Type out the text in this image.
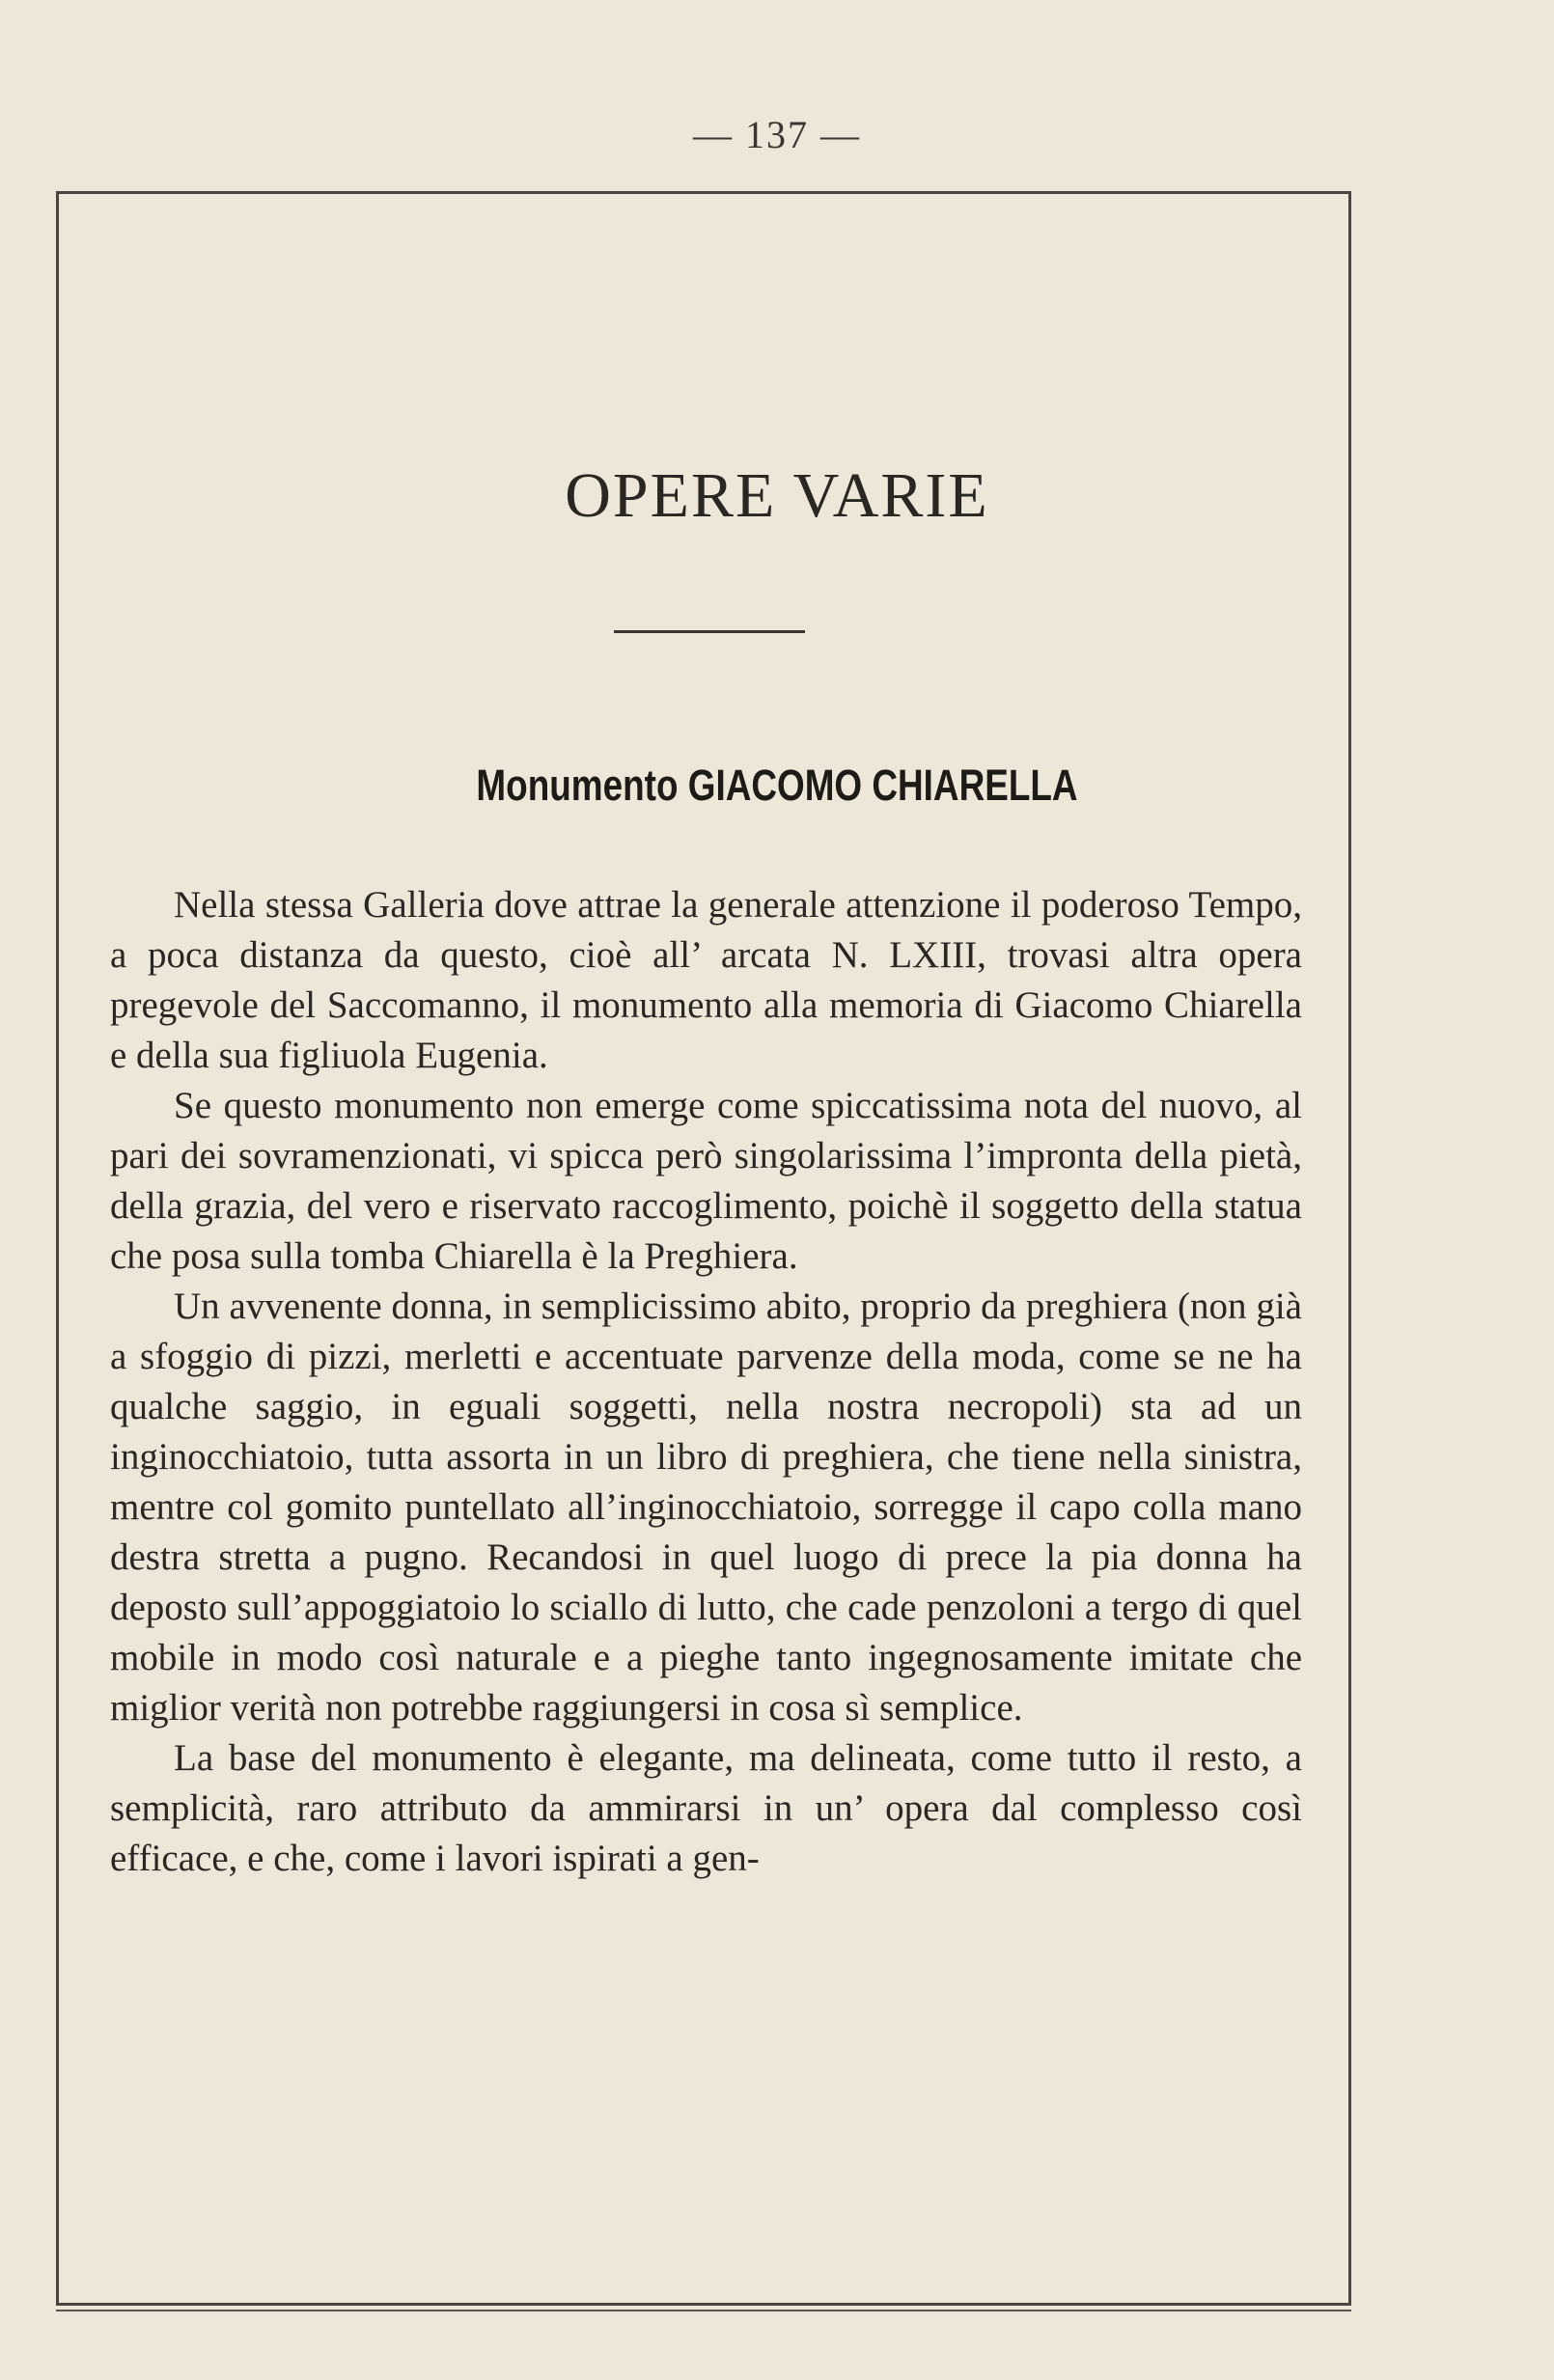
— 137 —
OPERE VARIE
Monumento GIACOMO CHIARELLA

Nella stessa Galleria dove attrae la generale attenzione il poderoso Tempo, a poca distanza da questo, cioè all’ arcata N. LXIII, trovasi altra opera pregevole del Saccomanno, il monumento alla memoria di Giacomo Chiarella e della sua figliuola Eugenia.

Se questo monumento non emerge come spiccatissima nota del nuovo, al pari dei sovramenzionati, vi spicca però singolarissima l’impronta della pietà, della grazia, del vero e riservato raccoglimento, poichè il soggetto della statua che posa sulla tomba Chiarella è la Preghiera.

Un avvenente donna, in semplicissimo abito, proprio da preghiera (non già a sfoggio di pizzi, merletti e accentuate parvenze della moda, come se ne ha qualche saggio, in eguali soggetti, nella nostra necropoli) sta ad un inginocchiatoio, tutta assorta in un libro di preghiera, che tiene nella sinistra, mentre col gomito puntellato all’inginocchiatoio, sorregge il capo colla mano destra stretta a pugno. Recandosi in quel luogo di prece la pia donna ha deposto sull’appoggiatoio lo sciallo di lutto, che cade penzoloni a tergo di quel mobile in modo così naturale e a pieghe tanto ingegnosamente imitate che miglior verità non potrebbe raggiungersi in cosa sì semplice.

La base del monumento è elegante, ma delineata, come tutto il resto, a semplicità, raro attributo da ammirarsi in un’ opera dal complesso così efficace, e che, come i lavori ispirati a gen-
